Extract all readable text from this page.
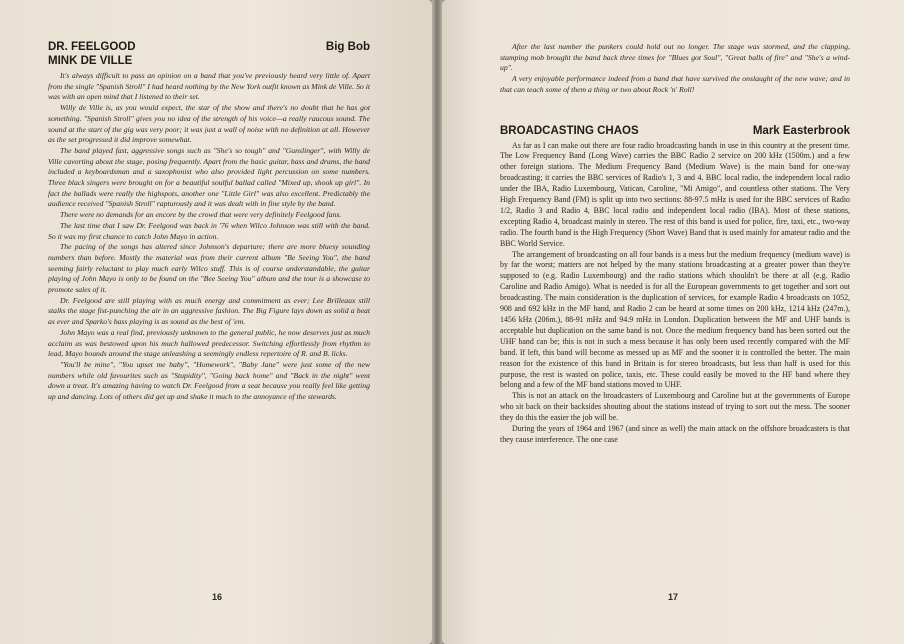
DR. FEELGOOD	Big Bob
MINK DE VILLE

It's always difficult to pass an opinion on a band that you've previously heard very little of. Apart from the single "Spanish Stroll" I had heard nothing by the New York outfit known as Mink de Ville. So it was with an open mind that I listened to their set.

Willy de Ville is, as you would expect, the star of the show and there's no doubt that he has got something. "Spanish Stroll" gives you no idea of the strength of his voice—a really raucous sound. The sound at the start of the gig was very poor; it was just a wall of noise with no definition at all. However as the set progressed it did improve somewhat.

The band played fast, aggressive songs such as "She's so tough" and "Gunslinger", with Willy de Ville cavorting about the stage, posing frequently. Apart from the basic guitar, bass and drums, the band included a keyboardsman and a saxophonist who also provided light percussion on some numbers. Three black singers were brought on for a beautiful soulful ballad called "Mixed up, shook up girl". In fact the ballads were really the highspots, another one "Little Girl" was also excellent. Predictably the audience received "Spanish Stroll" rapturously and it was dealt with in fine style by the band.

There were no demands for an encore by the crowd that were very definitely Feelgood fans.

The last time that I saw Dr. Feelgood was back in '76 when Wilco Johnson was still with the band. So it was my first chance to catch John Mayo in action.

The pacing of the songs has altered since Johnson's departure; there are more bluesy sounding numbers than before. Mostly the material was from their current album "Be Seeing You", the band seeming fairly reluctant to play much early Wilco stuff. This is of course understandable, the guitar playing of John Mayo is only to be found on the "Bee Seeing You" album and the tour is a showcase to promote sales of it.

Dr. Feelgood are still playing with as much energy and commitment as ever; Lee Brilleaux still stalks the stage fist-punching the air in an aggressive fashion. The Big Figure lays down as solid a beat as ever and Sparko's bass playing is as sound as the best of 'em.

John Mayo was a real find, previously unknown to the general public, he now deserves just as much acclaim as was bestowed upon his much hallowed predecessor. Switching effortlessly from rhythm to lead, Mayo bounds around the stage unleashing a seemingly endless repertoire of R. and B. licks.

"You'll be mine", "You upset me baby", "Homework", "Baby Jane" were just some of the new numbers while old favourites such as "Stupidity", "Going back home" and "Back in the night" went down a treat. It's amazing having to watch Dr. Feelgood from a seat because you really feel like getting up and dancing. Lots of others did get up and shake it much to the annoyance of the stewards.

16

After the last number the punkers could hold out no longer. The stage was stormed, and the clapping, stamping mob brought the band back three times for "Blues got Soul", "Great balls of fire" and "She's a wind-up".

A very enjoyable performance indeed from a band that have survived the onslaught of the new wave; and in that can teach some of them a thing or two about Rock 'n' Roll!

BROADCASTING CHAOS	Mark Easterbrook

As far as I can make out there are four radio broadcasting bands in use in this country at the present time. The Low Frequency Band (Long Wave) carries the BBC Radio 2 service on 200 kHz (1500m.) and a few other foreign stations. The Medium Frequency Band (Medium Wave) is the main band for one-way broadcasting; it carries the BBC services of Radio's 1, 3 and 4. BBC local radio, the independent local radio under the IBA, Radio Luxembourg, Vatican, Caroline, "Mi Amigo", and countless other stations. The Very High Frequency Band (FM) is split up into two sections: 88-97.5 mHz is used for the BBC services of Radio 1/2, Radio 3 and Radio 4, BBC local radio and independent local radio (IBA). Most of these stations, excepting Radio 4, broadcast mainly in stereo. The rest of this band is used for police, fire, taxi, etc., two-way radio. The fourth band is the High Frequency (Short Wave) Band that is used mainly for amateur radio and the BBC World Service.

The arrangement of broadcasting on all four bands is a mess but the medium frequency (medium wave) is by far the worst; matters are not helped by the many stations broadcasting at a greater power than they're supposed to (e.g. Radio Luxembourg) and the radio stations which shouldn't be there at all (e.g. Radio Caroline and Radio Amigo). What is needed is for all the European governments to get together and sort out broadcasting. The main consideration is the duplication of services, for example Radio 4 broadcasts on 1052, 908 and 692 kHz in the MF band, and Radio 2 can be heard at some times on 200 kHz, 1214 kHz (247m.), 1456 kHz (206m.), 88-91 mHz and 94.9 mHz in London. Duplication between the MF and UHF bands is acceptable but duplication on the same band is not. Once the medium frequency band has been sorted out the UHF band can be; this is not in such a mess because it has only been used recently compared with the MF band. If left, this band will become as messed up as MF and the sooner it is controlled the better. The main reason for the existence of this band in Britain is for stereo broadcasts, but less than half is used for this purpose, the rest is wasted on police, taxis, etc. These could easily be moved to the HF band where they belong and a few of the MF band stations moved to UHF.

This is not an attack on the broadcasters of Luxembourg and Caroline but at the governments of Europe who sit back on their backsides shouting about the stations instead of trying to sort out the mess. The sooner they do this the easier the job will be.

During the years of 1964 and 1967 (and since as well) the main attack on the offshore broadcasters is that they cause interference. The one case

17
